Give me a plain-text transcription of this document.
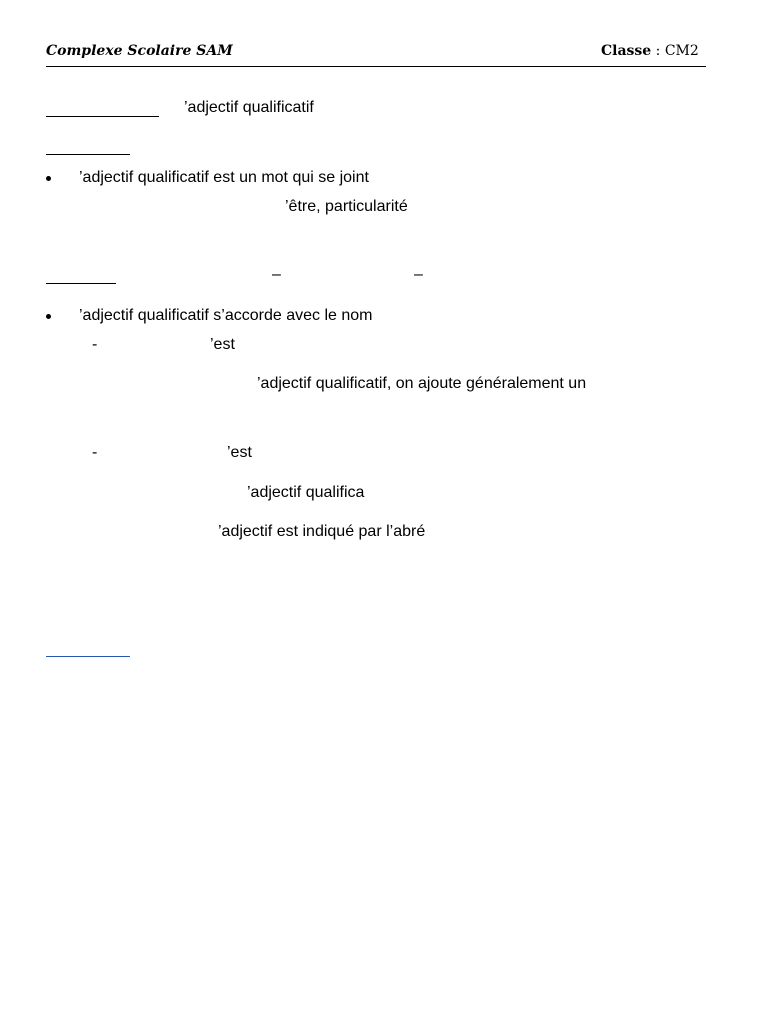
Complexe Scolaire SAM	Classe : CM2
’adjectif qualificatif
’adjectif qualificatif est un mot qui se joint
’être, particularité
–	–
’adjectif qualificatif s’accorde avec le nom
-	’est
’adjectif qualificatif, on ajoute généralement un
-	’est
’adjectif qualifica
’adjectif est indiqué par l’abré
